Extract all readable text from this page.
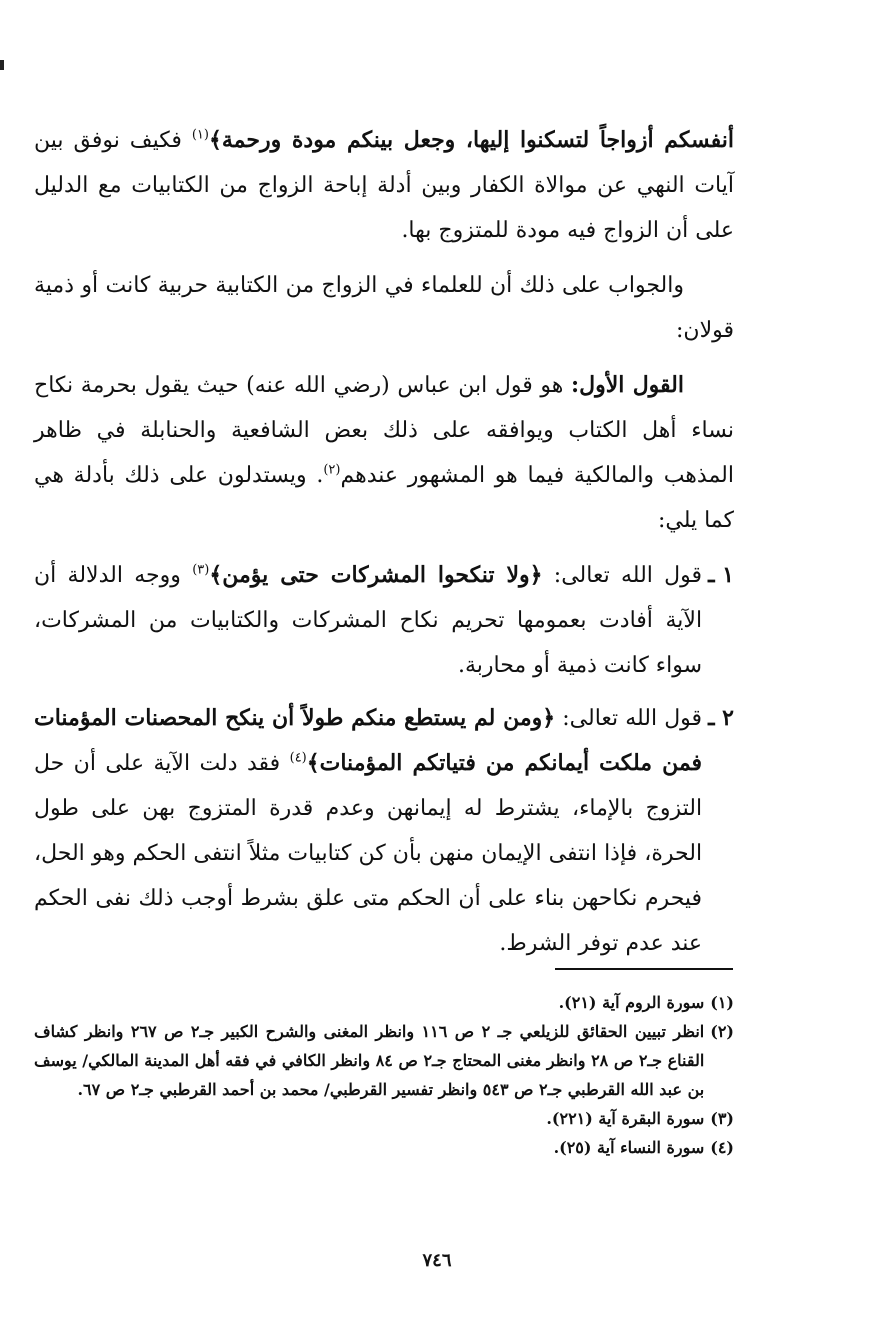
أنفسكم أزواجاً لتسكنوا إليها، وجعل بينكم مودة ورحمة﴾$^{(١)}$ فكيف نوفق بين آيات النهي عن موالاة الكفار وبين أدلة إباحة الزواج من الكتابيات مع الدليل على أن الزواج فيه مودة للمتزوج بها.

والجواب على ذلك أن للعلماء في الزواج من الكتابية حربية كانت أو ذمية قولان:

القول الأول: هو قول ابن عباس (رضي الله عنه) حيث يقول بحرمة نكاح نساء أهل الكتاب ويوافقه على ذلك بعض الشافعية والحنابلة في ظاهر المذهب والمالكية فيما هو المشهور عندهم$^{(٢)}$. ويستدلون على ذلك بأدلة هي كما يلي:

١ ـ
قول الله تعالى: ﴿ولا تنكحوا المشركات حتى يؤمن﴾$^{(٣)}$ ووجه الدلالة أن الآية أفادت بعمومها تحريم نكاح المشركات والكتابيات من المشركات، سواء كانت ذمية أو محاربة.
٢ ـ
قول الله تعالى: ﴿ومن لم يستطع منكم طولاً أن ينكح المحصنات المؤمنات فمن ملكت أيمانكم من فتياتكم المؤمنات﴾$^{(٤)}$ فقد دلت الآية على أن حل التزوج بالإماء، يشترط له إيمانهن وعدم قدرة المتزوج بهن على طول الحرة، فإذا انتفى الإيمان منهن بأن كن كتابيات مثلاً انتفى الحكم وهو الحل، فيحرم نكاحهن بناء على أن الحكم متى علق بشرط أوجب ذلك نفى الحكم عند عدم توفر الشرط.
(١)
سورة الروم آية (٢١).
(٢)
انظر تبيين الحقائق للزيلعي جـ ٢ ص ١١٦ وانظر المغنى والشرح الكبير جـ٢ ص ٢٦٧ وانظر كشاف القناع جـ٢ ص ٢٨ وانظر مغنى المحتاج جـ٢ ص ٨٤ وانظر الكافي في فقه أهل المدينة المالكي/ يوسف بن عبد الله القرطبي جـ٢ ص ٥٤٣ وانظر تفسير القرطبي/ محمد بن أحمد القرطبي جـ٢ ص ٦٧.
(٣)
سورة البقرة آية (٢٢١).
(٤)
سورة النساء آية (٢٥).
٧٤٦
